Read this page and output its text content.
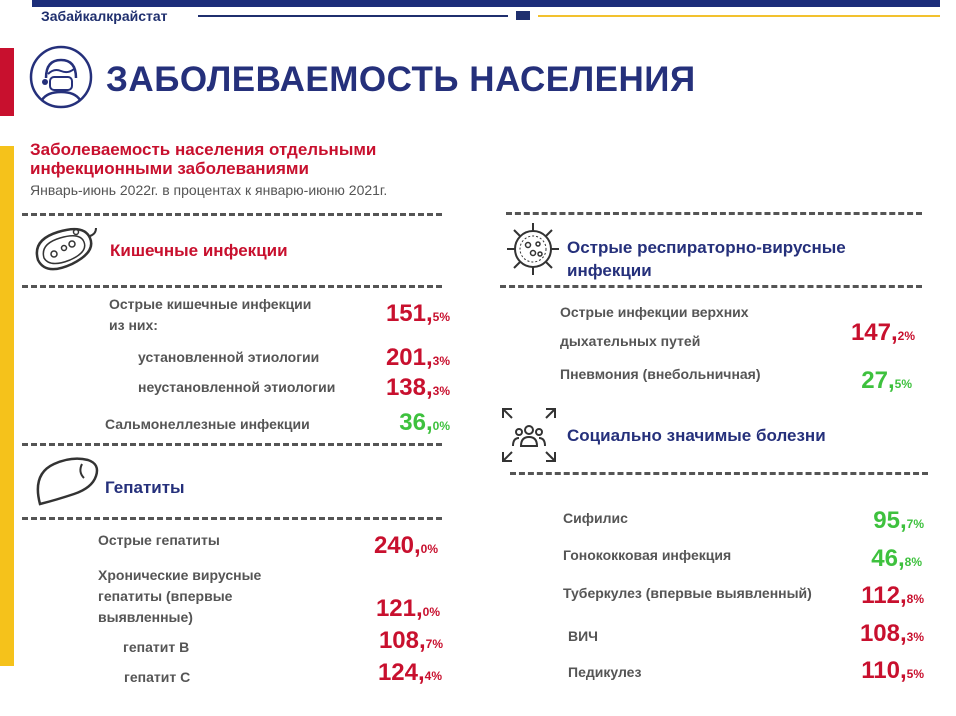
Забайкалкрайстат
ЗАБОЛЕВАЕМОСТЬ НАСЕЛЕНИЯ
Заболеваемость населения отдельными инфекционными заболеваниями
Январь-июнь 2022г. в процентах к январю-июню 2021г.
Кишечные инфекции
Острые кишечные инфекции
из них:	151,5%
установленной этиологии	201,3%
неустановленной этиологии 138,3%
Сальмонеллезные инфекции	36,0%
Гепатиты
Острые гепатиты	240,0%
Хронические вирусные гепатиты (впервые выявленные)	121,0%
гепатит В	108,7%
гепатит С	124,4%
Острые респираторно-вирусные инфекции
Острые инфекции верхних
дыхательных путей	147,2%
Пневмония (внебольничная)	27,5%
Социально значимые болезни
Сифилис	95,7%
Гонококковая инфекция	46,8%
Туберкулез (впервые выявленный) 112,8%
ВИЧ	108,3%
Педикулез	110,5%
